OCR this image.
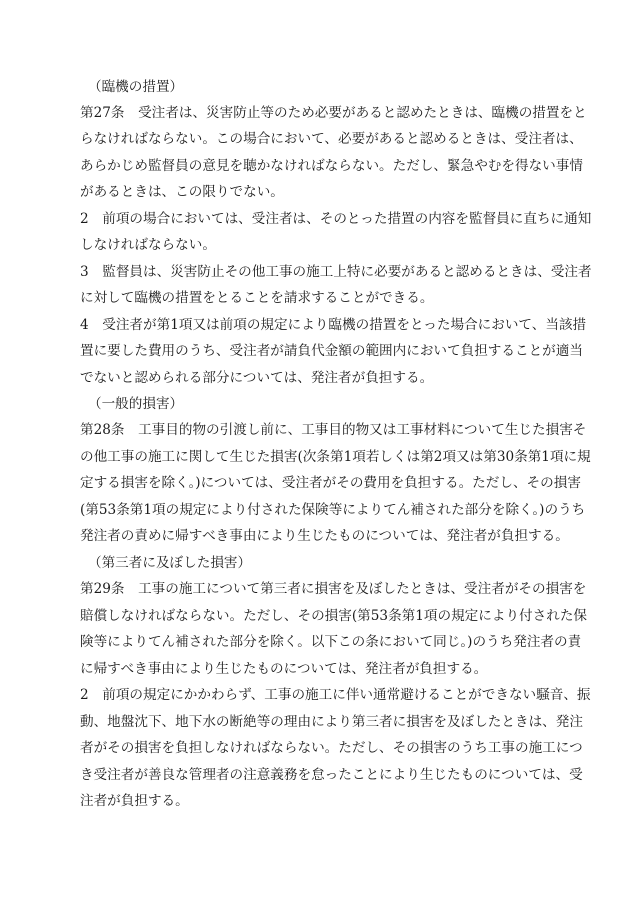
（臨機の措置）
第27条　受注者は、災害防止等のため必要があると認めたときは、臨機の措置をと
らなければならない。この場合において、必要があると認めるときは、受注者は、
あらかじめ監督員の意見を聴かなければならない。ただし、緊急やむを得ない事情
があるときは、この限りでない。
2　前項の場合においては、受注者は、そのとった措置の内容を監督員に直ちに通知
しなければならない。
3　監督員は、災害防止その他工事の施工上特に必要があると認めるときは、受注者
に対して臨機の措置をとることを請求することができる。
4　受注者が第1項又は前項の規定により臨機の措置をとった場合において、当該措
置に要した費用のうち、受注者が請負代金額の範囲内において負担することが適当
でないと認められる部分については、発注者が負担する。
（一般的損害）
第28条　工事目的物の引渡し前に、工事目的物又は工事材料について生じた損害そ
の他工事の施工に関して生じた損害(次条第1項若しくは第2項又は第30条第1項に規
定する損害を除く。)については、受注者がその費用を負担する。ただし、その損害
(第53条第1項の規定により付された保険等によりてん補された部分を除く。)のうち
発注者の責めに帰すべき事由により生じたものについては、発注者が負担する。
（第三者に及ぼした損害）
第29条　工事の施工について第三者に損害を及ぼしたときは、受注者がその損害を
賠償しなければならない。ただし、その損害(第53条第1項の規定により付された保
険等によりてん補された部分を除く。以下この条において同じ。)のうち発注者の責
に帰すべき事由により生じたものについては、発注者が負担する。
2　前項の規定にかかわらず、工事の施工に伴い通常避けることができない騒音、振
動、地盤沈下、地下水の断絶等の理由により第三者に損害を及ぼしたときは、発注
者がその損害を負担しなければならない。ただし、その損害のうち工事の施工につ
き受注者が善良な管理者の注意義務を怠ったことにより生じたものについては、受
注者が負担する。
